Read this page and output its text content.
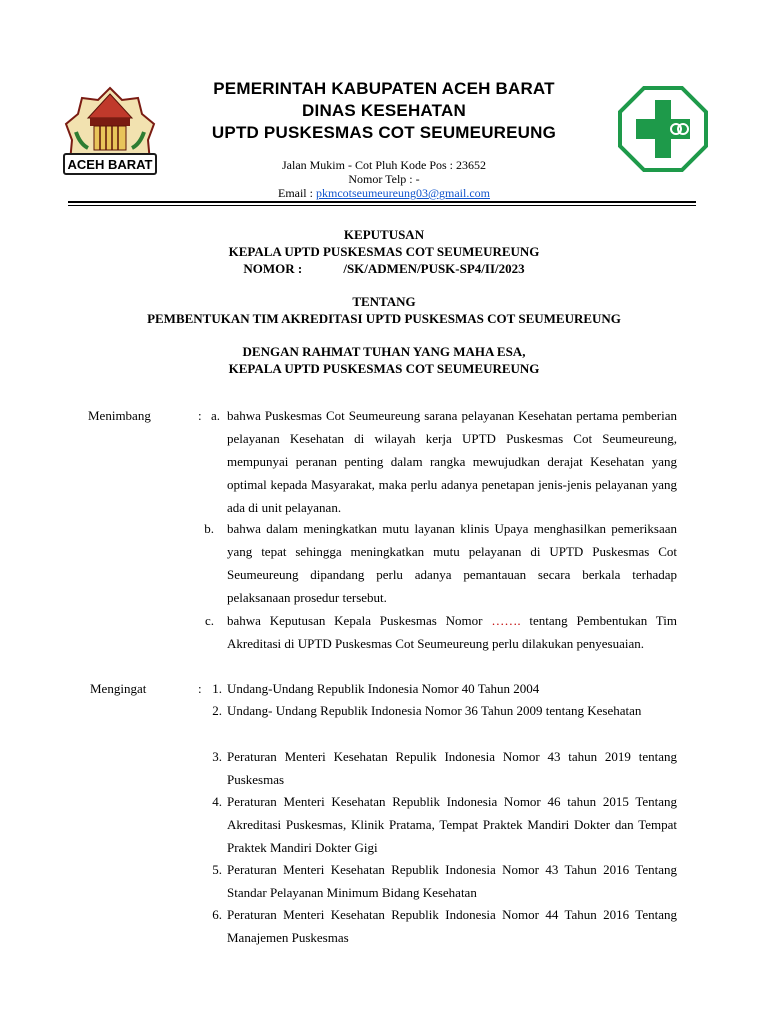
ACEH BARAT
PEMERINTAH KABUPATEN ACEH BARAT
DINAS KESEHATAN
UPTD PUSKESMAS COT SEUMEUREUNG
Jalan Mukim - Cot Pluh Kode Pos : 23652
Nomor Telp : -
Email : pkmcotseumeureung03@gmail.com
KEPUTUSAN
KEPALA UPTD PUSKESMAS COT SEUMEUREUNG
NOMOR :	/SK/ADMEN/PUSK-SP4/II/2023
TENTANG
PEMBENTUKAN TIM AKREDITASI UPTD PUSKESMAS COT SEUMEUREUNG
DENGAN RAHMAT TUHAN YANG MAHA ESA,
KEPALA UPTD PUSKESMAS COT SEUMEUREUNG
Menimbang	: a. bahwa Puskesmas Cot Seumeureung sarana pelayanan Kesehatan pertama pemberian pelayanan Kesehatan di wilayah kerja UPTD Puskesmas Cot Seumeureung, mempunyai peranan penting dalam rangka mewujudkan derajat Kesehatan yang optimal kepada Masyarakat, maka perlu adanya penetapan jenis-jenis pelayanan yang ada di unit pelayanan.
b. bahwa dalam meningkatkan mutu layanan klinis Upaya menghasilkan pemeriksaan yang tepat sehingga meningkatkan mutu pelayanan di UPTD Puskesmas Cot Seumeureung dipandang perlu adanya pemantauan secara berkala terhadap pelaksanaan prosedur tersebut.
c. bahwa Keputusan Kepala Puskesmas Nomor ……. tentang Pembentukan Tim Akreditasi di UPTD Puskesmas Cot Seumeureung perlu dilakukan penyesuaian.
Mengingat	: 1. Undang-Undang Republik Indonesia Nomor 40 Tahun 2004
2. Undang- Undang Republik Indonesia Nomor 36 Tahun 2009 tentang Kesehatan
3. Peraturan Menteri Kesehatan Repulik Indonesia Nomor 43 tahun 2019 tentang Puskesmas
4. Peraturan Menteri Kesehatan Republik Indonesia Nomor 46 tahun 2015 Tentang Akreditasi Puskesmas, Klinik Pratama, Tempat Praktek Mandiri Dokter dan Tempat Praktek Mandiri Dokter Gigi
5. Peraturan Menteri Kesehatan Republik Indonesia Nomor 43 Tahun 2016 Tentang Standar Pelayanan Minimum Bidang Kesehatan
6. Peraturan Menteri Kesehatan Republik Indonesia Nomor 44 Tahun 2016 Tentang Manajemen Puskesmas
